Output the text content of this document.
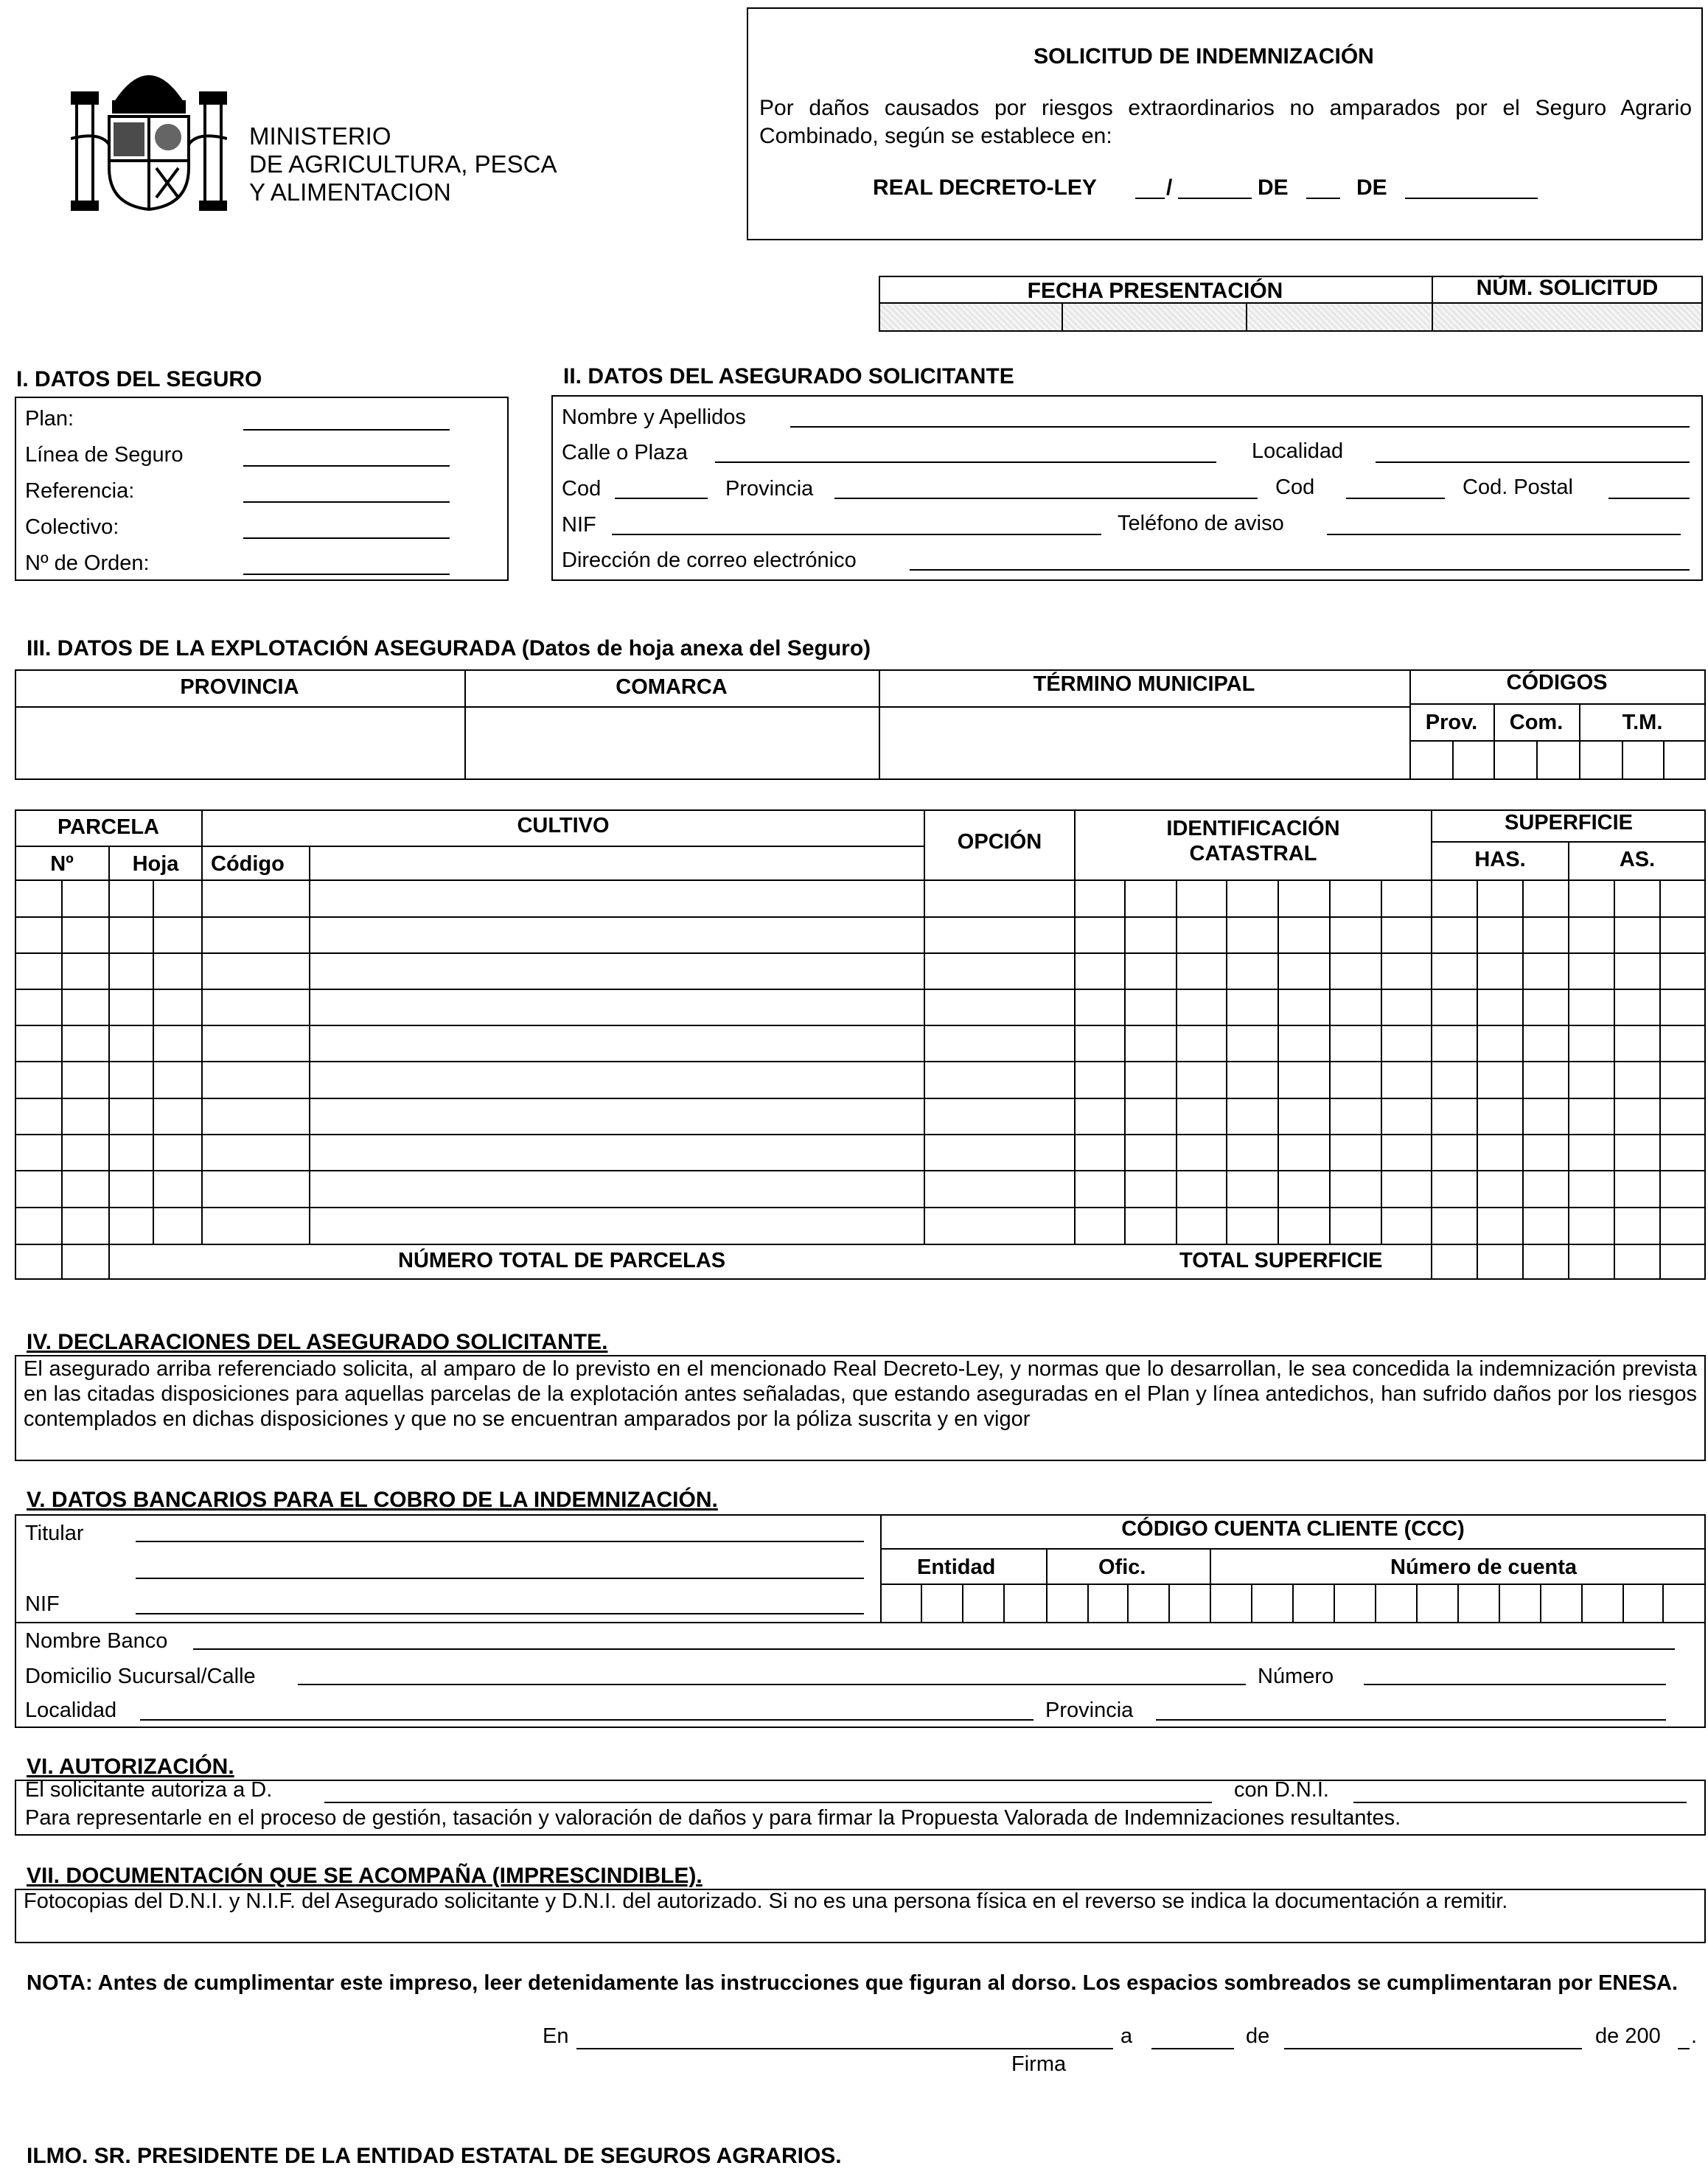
MINISTERIO
DE AGRICULTURA, PESCA
Y ALIMENTACION
SOLICITUD DE INDEMNIZACIÓN
Por daños causados por riesgos extraordinarios no amparados por el Seguro Agrario Combinado, según se establece en:
REAL DECRETO-LEY	/	DE	DE
FECHA PRESENTACIÓN	NÚM. SOLICITUD
I. DATOS DEL SEGURO
Plan:
Línea de Seguro
Referencia:
Colectivo:
Nº de Orden:
II. DATOS DEL ASEGURADO SOLICITANTE
Nombre y Apellidos
Calle o Plaza	Localidad
Cod	Provincia	Cod	Cod. Postal
NIF	Teléfono de aviso
Dirección de correo electrónico
III. DATOS DE LA EXPLOTACIÓN ASEGURADA (Datos de hoja anexa del Seguro)
PROVINCIA	COMARCA	TÉRMINO MUNICIPAL	CÓDIGOS
Prov.	Com.	T.M.
PARCELA	CULTIVO
OPCIÓN
IDENTIFICACIÓN
CATASTRAL
SUPERFICIE
Nº	Hoja	Código	HAS.	AS.
NÚMERO TOTAL DE PARCELAS	TOTAL SUPERFICIE
IV. DECLARACIONES DEL ASEGURADO SOLICITANTE.
El asegurado arriba referenciado solicita, al amparo de lo previsto en el mencionado Real Decreto-Ley, y normas que lo desarrollan, le sea concedida la indemnización prevista en las citadas disposiciones para aquellas parcelas de la explotación antes señaladas, que estando aseguradas en el Plan y línea antedichos, han sufrido daños por los riesgos contemplados en dichas disposiciones y que no se encuentran amparados por la póliza suscrita y en vigor
V. DATOS BANCARIOS PARA EL COBRO DE LA INDEMNIZACIÓN.
Titular
NIF
CÓDIGO CUENTA CLIENTE (CCC)
Entidad	Ofic.	Número de cuenta
Nombre Banco
Domicilio Sucursal/Calle	Número
Localidad	Provincia
VI. AUTORIZACIÓN.
El solicitante autoriza a D.	con D.N.I.
Para representarle en el proceso de gestión, tasación y valoración de daños y para firmar la Propuesta Valorada de Indemnizaciones resultantes.
VII. DOCUMENTACIÓN QUE SE ACOMPAÑA (IMPRESCINDIBLE).
Fotocopias del D.N.I. y N.I.F. del Asegurado solicitante y D.N.I. del autorizado. Si no es una persona física en el reverso se indica la documentación a remitir.
NOTA: Antes de cumplimentar este impreso, leer detenidamente las instrucciones que figuran al dorso. Los espacios sombreados se cumplimentaran por ENESA.
En	a	de	de 200 .
Firma
ILMO. SR. PRESIDENTE DE LA ENTIDAD ESTATAL DE SEGUROS AGRARIOS.
